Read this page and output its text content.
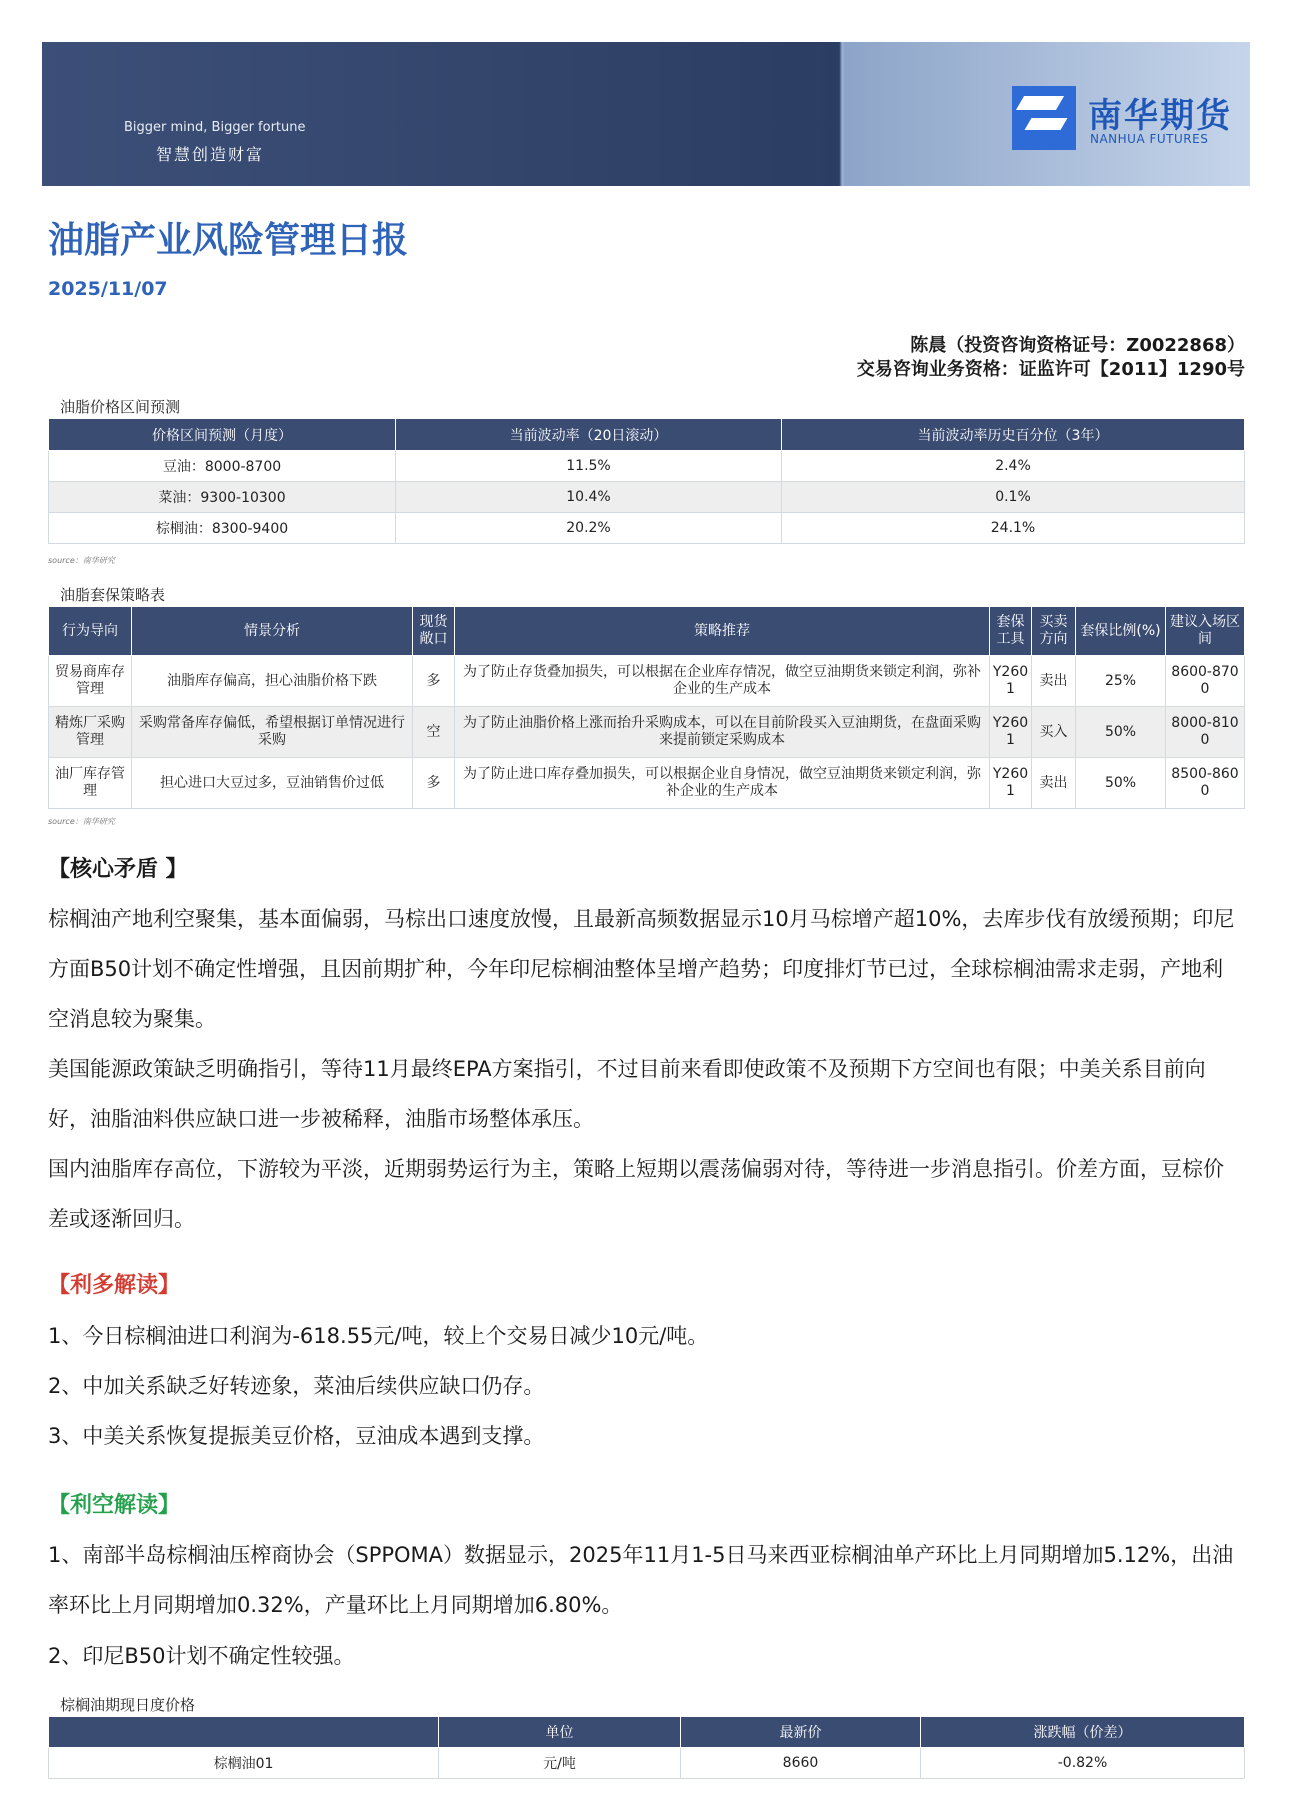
Bigger mind, Bigger fortune
智慧创造财富
南华期货
NANHUA FUTURES
油脂产业风险管理日报
2025/11/07
陈晨（投资咨询资格证号：Z0022868）
交易咨询业务资格：证监许可【2011】1290号
油脂价格区间预测
价格区间预测（月度）	当前波动率（20日滚动）	当前波动率历史百分位（3年）
豆油：8000-8700	11.5%	2.4%
菜油：9300-10300	10.4%	0.1%
棕榈油：8300-9400	20.2%	24.1%
source：南华研究
油脂套保策略表
行为导向	情景分析	现货敞口	策略推荐	套保工具	买卖方向	套保比例(%)	建议入场区间
贸易商库存管理	油脂库存偏高，担心油脂价格下跌	多	为了防止存货叠加损失，可以根据在企业库存情况，做空豆油期货来锁定利润，弥补企业的生产成本	Y2601	卖出	25%	8600-8700
精炼厂采购管理	采购常备库存偏低，希望根据订单情况进行采购	空	为了防止油脂价格上涨而抬升采购成本，可以在目前阶段买入豆油期货，在盘面采购来提前锁定采购成本	Y2601	买入	50%	8000-8100
油厂库存管理	担心进口大豆过多，豆油销售价过低	多	为了防止进口库存叠加损失，可以根据企业自身情况，做空豆油期货来锁定利润，弥补企业的生产成本	Y2601	卖出	50%	8500-8600
source：南华研究
【核心矛盾 】
棕榈油产地利空聚集，基本面偏弱，马棕出口速度放慢，且最新高频数据显示10月马棕增产超10%，去库步伐有放缓预期；印尼方面B50计划不确定性增强，且因前期扩种，今年印尼棕榈油整体呈增产趋势；印度排灯节已过，全球棕榈油需求走弱，产地利空消息较为聚集。
美国能源政策缺乏明确指引，等待11月最终EPA方案指引，不过目前来看即使政策不及预期下方空间也有限；中美关系目前向好，油脂油料供应缺口进一步被稀释，油脂市场整体承压。
国内油脂库存高位，下游较为平淡，近期弱势运行为主，策略上短期以震荡偏弱对待，等待进一步消息指引。价差方面，豆棕价差或逐渐回归。
【利多解读】
1、今日棕榈油进口利润为-618.55元/吨，较上个交易日减少10元/吨。
2、中加关系缺乏好转迹象，菜油后续供应缺口仍存。
3、中美关系恢复提振美豆价格，豆油成本遇到支撑。
【利空解读】
1、南部半岛棕榈油压榨商协会（SPPOMA）数据显示，2025年11月1-5日马来西亚棕榈油单产环比上月同期增加5.12%，出油率环比上月同期增加0.32%，产量环比上月同期增加6.80%。
2、印尼B50计划不确定性较强。
棕榈油期现日度价格
	单位	最新价	涨跌幅（价差）
棕榈油01	元/吨	8660	-0.82%
